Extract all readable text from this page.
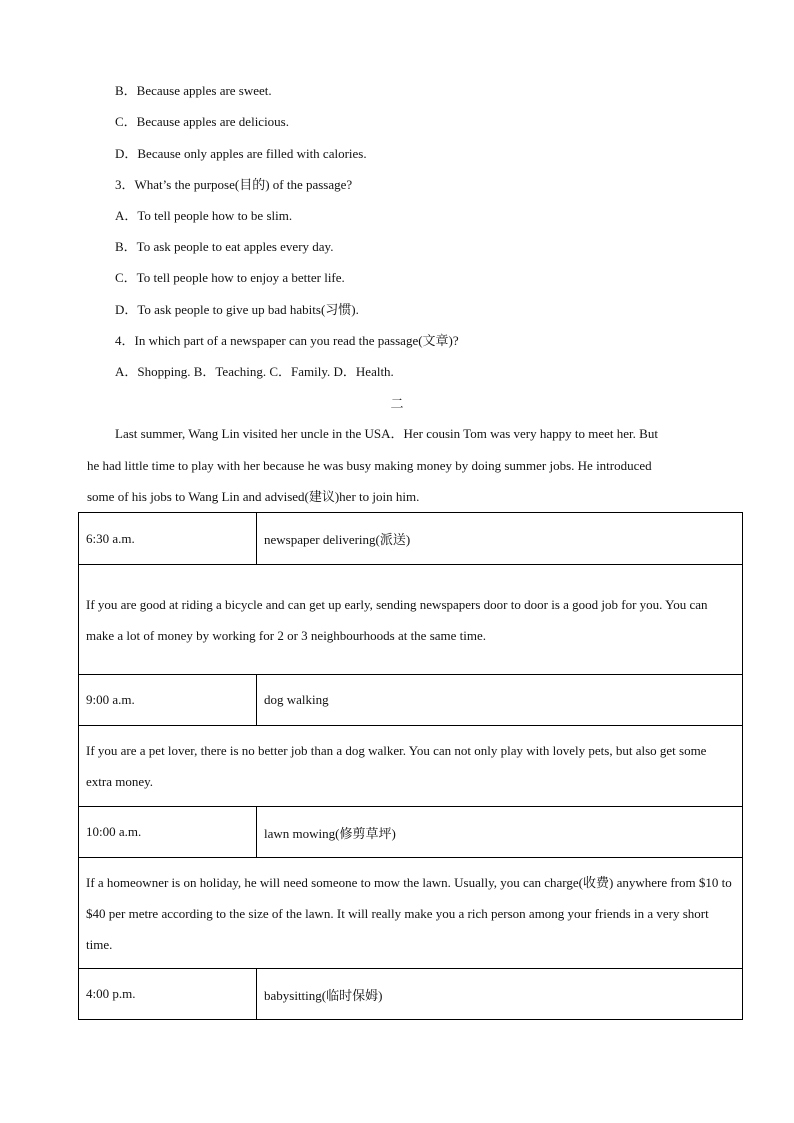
B．Because apples are sweet.
C．Because apples are delicious.
D．Because only apples are filled with calories.
3．What’s the purpose(目的) of the passage?
A．To tell people how to be slim.
B．To ask people to eat apples every day.
C．To tell people how to enjoy a better life.
D．To ask people to give up bad habits(习惯).
4．In which part of a newspaper can you read the passage(文章)?
A．Shopping. B．Teaching. C．Family. D．Health.
二
Last summer, Wang Lin visited her uncle in the USA．Her cousin Tom was very happy to meet her. But
he had little time to play with her because he was busy making money by doing summer jobs. He introduced
some of his jobs to Wang Lin and advised(建议)her to join him.
6:30 a.m.	newspaper delivering(派送)
If you are good at riding a bicycle and can get up early, sending newspapers door to door is a good job for you. You can make a lot of money by working for 2 or 3 neighbourhoods at the same time.	
9:00 a.m.	dog walking
If you are a pet lover, there is no better job than a dog walker. You can not only play with lovely pets, but also get some extra money.	
10:00 a.m.	lawn mowing(修剪草坪)
If a homeowner is on holiday, he will need someone to mow the lawn. Usually, you can charge(收费) anywhere from $10 to $40 per metre according to the size of the lawn. It will really make you a rich person among your friends in a very short time.	
4:00 p.m.	babysitting(临时保姆)
